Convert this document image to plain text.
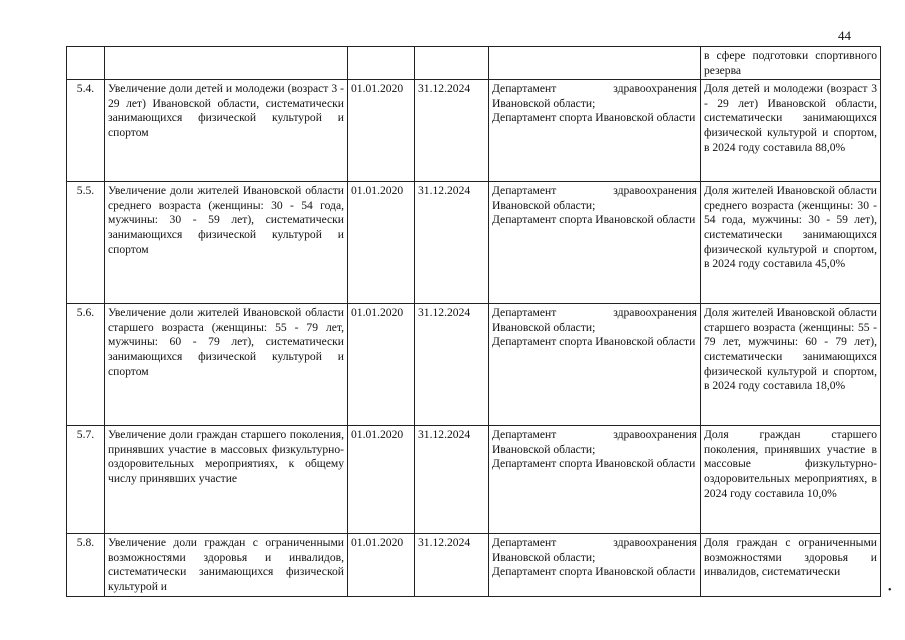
44
					в сфере подготовки спортивного резерва
5.4.	Увеличение доли детей и молодежи (возраст 3 - 29 лет) Ивановской области, систематически занимающихся физической культурой и спортом	01.01.2020	31.12.2024	Департамент здравоохранения Ивановской области;
Департамент спорта Ивановской области	Доля детей и молодежи (возраст 3 - 29 лет) Ивановской области, систематически занимающихся физической культурой и спортом, в 2024 году составила 88,0%
5.5.	Увеличение доли жителей Ивановской области среднего возраста (женщины: 30 - 54 года, мужчины: 30 - 59 лет), систематически занимающихся физической культурой и спортом	01.01.2020	31.12.2024	Департамент здравоохранения Ивановской области;
Департамент спорта Ивановской области	Доля жителей Ивановской области среднего возраста (женщины: 30 - 54 года, мужчины: 30 - 59 лет), систематически занимающихся физической культурой и спортом, в 2024 году составила 45,0%
5.6.	Увеличение доли жителей Ивановской области старшего возраста (женщины: 55 - 79 лет, мужчины: 60 - 79 лет), систематически занимающихся физической культурой и спортом	01.01.2020	31.12.2024	Департамент здравоохранения Ивановской области;
Департамент спорта Ивановской области	Доля жителей Ивановской области старшего возраста (женщины: 55 - 79 лет, мужчины: 60 - 79 лет), систематически занимающихся физической культурой и спортом, в 2024 году составила 18,0%
5.7.	Увеличение доли граждан старшего поколения, принявших участие в массовых физкультурно-оздоровительных мероприятиях, к общему числу принявших участие	01.01.2020	31.12.2024	Департамент здравоохранения Ивановской области;
Департамент спорта Ивановской области	Доля граждан старшего поколения, принявших участие в массовые физкультурно-оздоровительных мероприятиях, в 2024 году составила 10,0%
5.8.	Увеличение доли граждан с ограниченными возможностями здоровья и инвалидов, систематически занимающихся физической культурой и	01.01.2020	31.12.2024	Департамент здравоохранения Ивановской области;
Департамент спорта Ивановской области	Доля граждан с ограниченными возможностями здоровья и инвалидов, систематически
•
